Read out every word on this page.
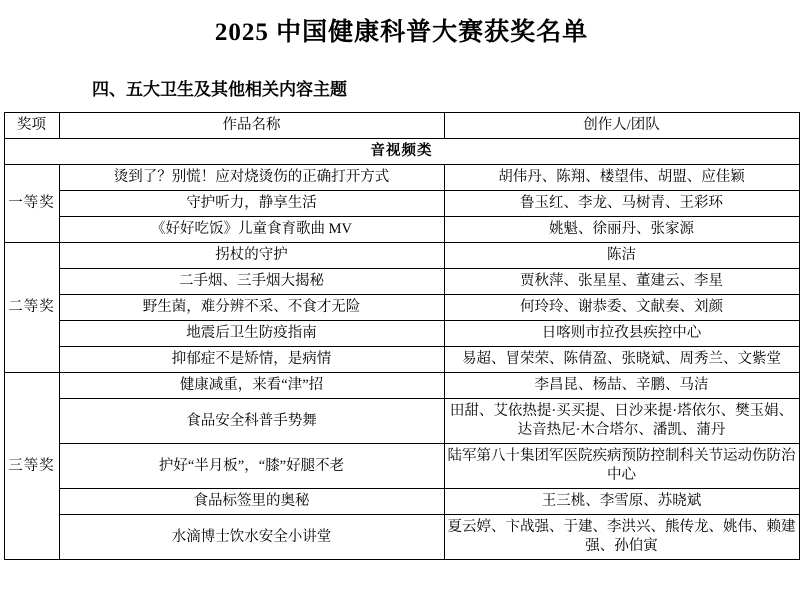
2025 中国健康科普大赛获奖名单
四、五大卫生及其他相关内容主题
奖项	作品名称	创作人/团队
音视频类		
一等奖	烫到了？别慌！应对烧烫伤的正确打开方式	胡伟丹、陈翔、楼望伟、胡盟、应佳颖
	守护听力，静享生活	鲁玉红、李龙、马树青、王彩环
	《好好吃饭》儿童食育歌曲 MV	姚魁、徐丽丹、张家源
二等奖	拐杖的守护	陈洁
	二手烟、三手烟大揭秘	贾秋萍、张星星、董建云、李星
	野生菌，难分辨不采、不食才无险	何玲玲、谢恭委、文献奏、刘颜
	地震后卫生防疫指南	日喀则市拉孜县疾控中心
	抑郁症不是矫情，是病情	易超、冒荣荣、陈倩盈、张晓斌、周秀兰、文紫堂
三等奖	健康减重，来看“津”招	李昌昆、杨喆、辛鹏、马洁
	食品安全科普手势舞	田甜、艾依热提·买买提、日沙来提·塔依尔、樊玉娟、达音热尼·木合塔尔、潘凯、蒲丹
	护好“半月板”，“膝”好腿不老	陆军第八十集团军医院疾病预防控制科关节运动伤防治中心
	食品标签里的奥秘	王三桃、李雪原、苏晓斌
	水滴博士饮水安全小讲堂	夏云婷、卞战强、于建、李洪兴、熊传龙、姚伟、赖建强、孙伯寅
